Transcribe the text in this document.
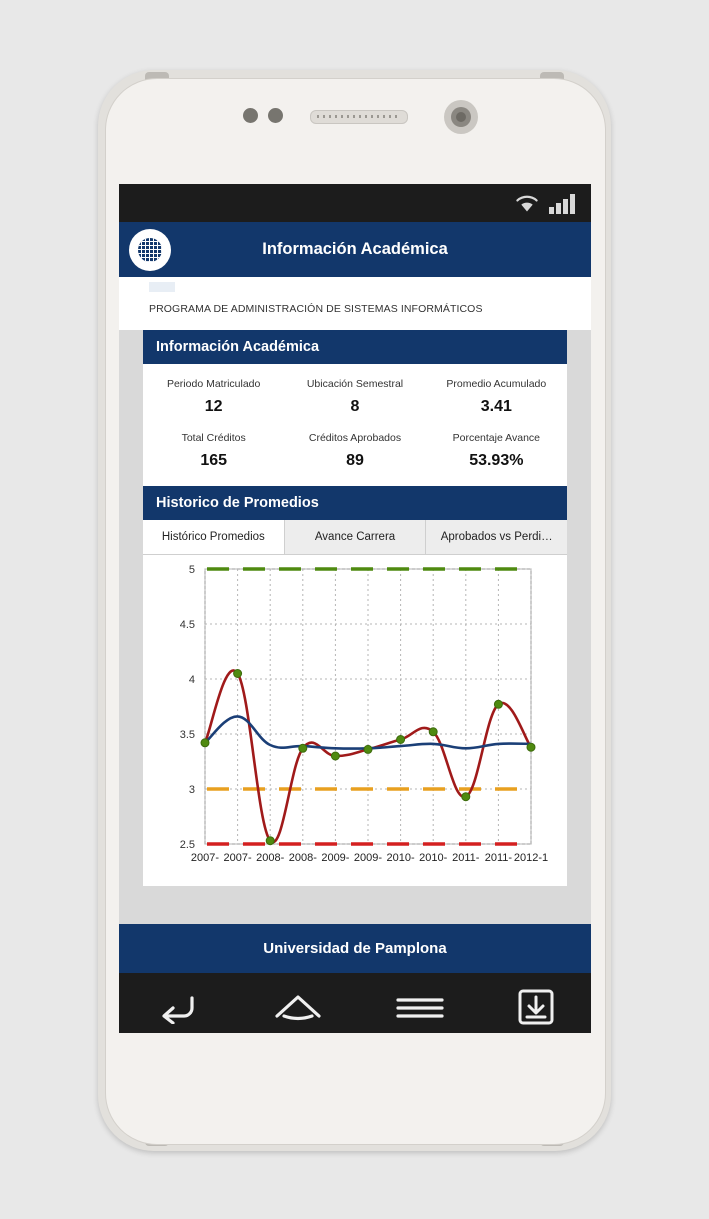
Información Académica
PROGRAMA DE ADMINISTRACIÓN DE SISTEMAS INFORMÁTICOS
Información Académica
Periodo Matriculado
12
Ubicación Semestral
8
Promedio Acumulado
3.41
Total Créditos
165
Créditos Aprobados
89
Porcentaje Avance
53.93%
Historico de Promedios
Histórico Promedios	Avance Carrera	Aprobados vs Perdi…
2.5
3
3.5
4
4.5
5
2007- 2007- 2008- 2008- 2009- 2009- 2010- 2010- 2011- 2011- 2012-1
Universidad de Pamplona
